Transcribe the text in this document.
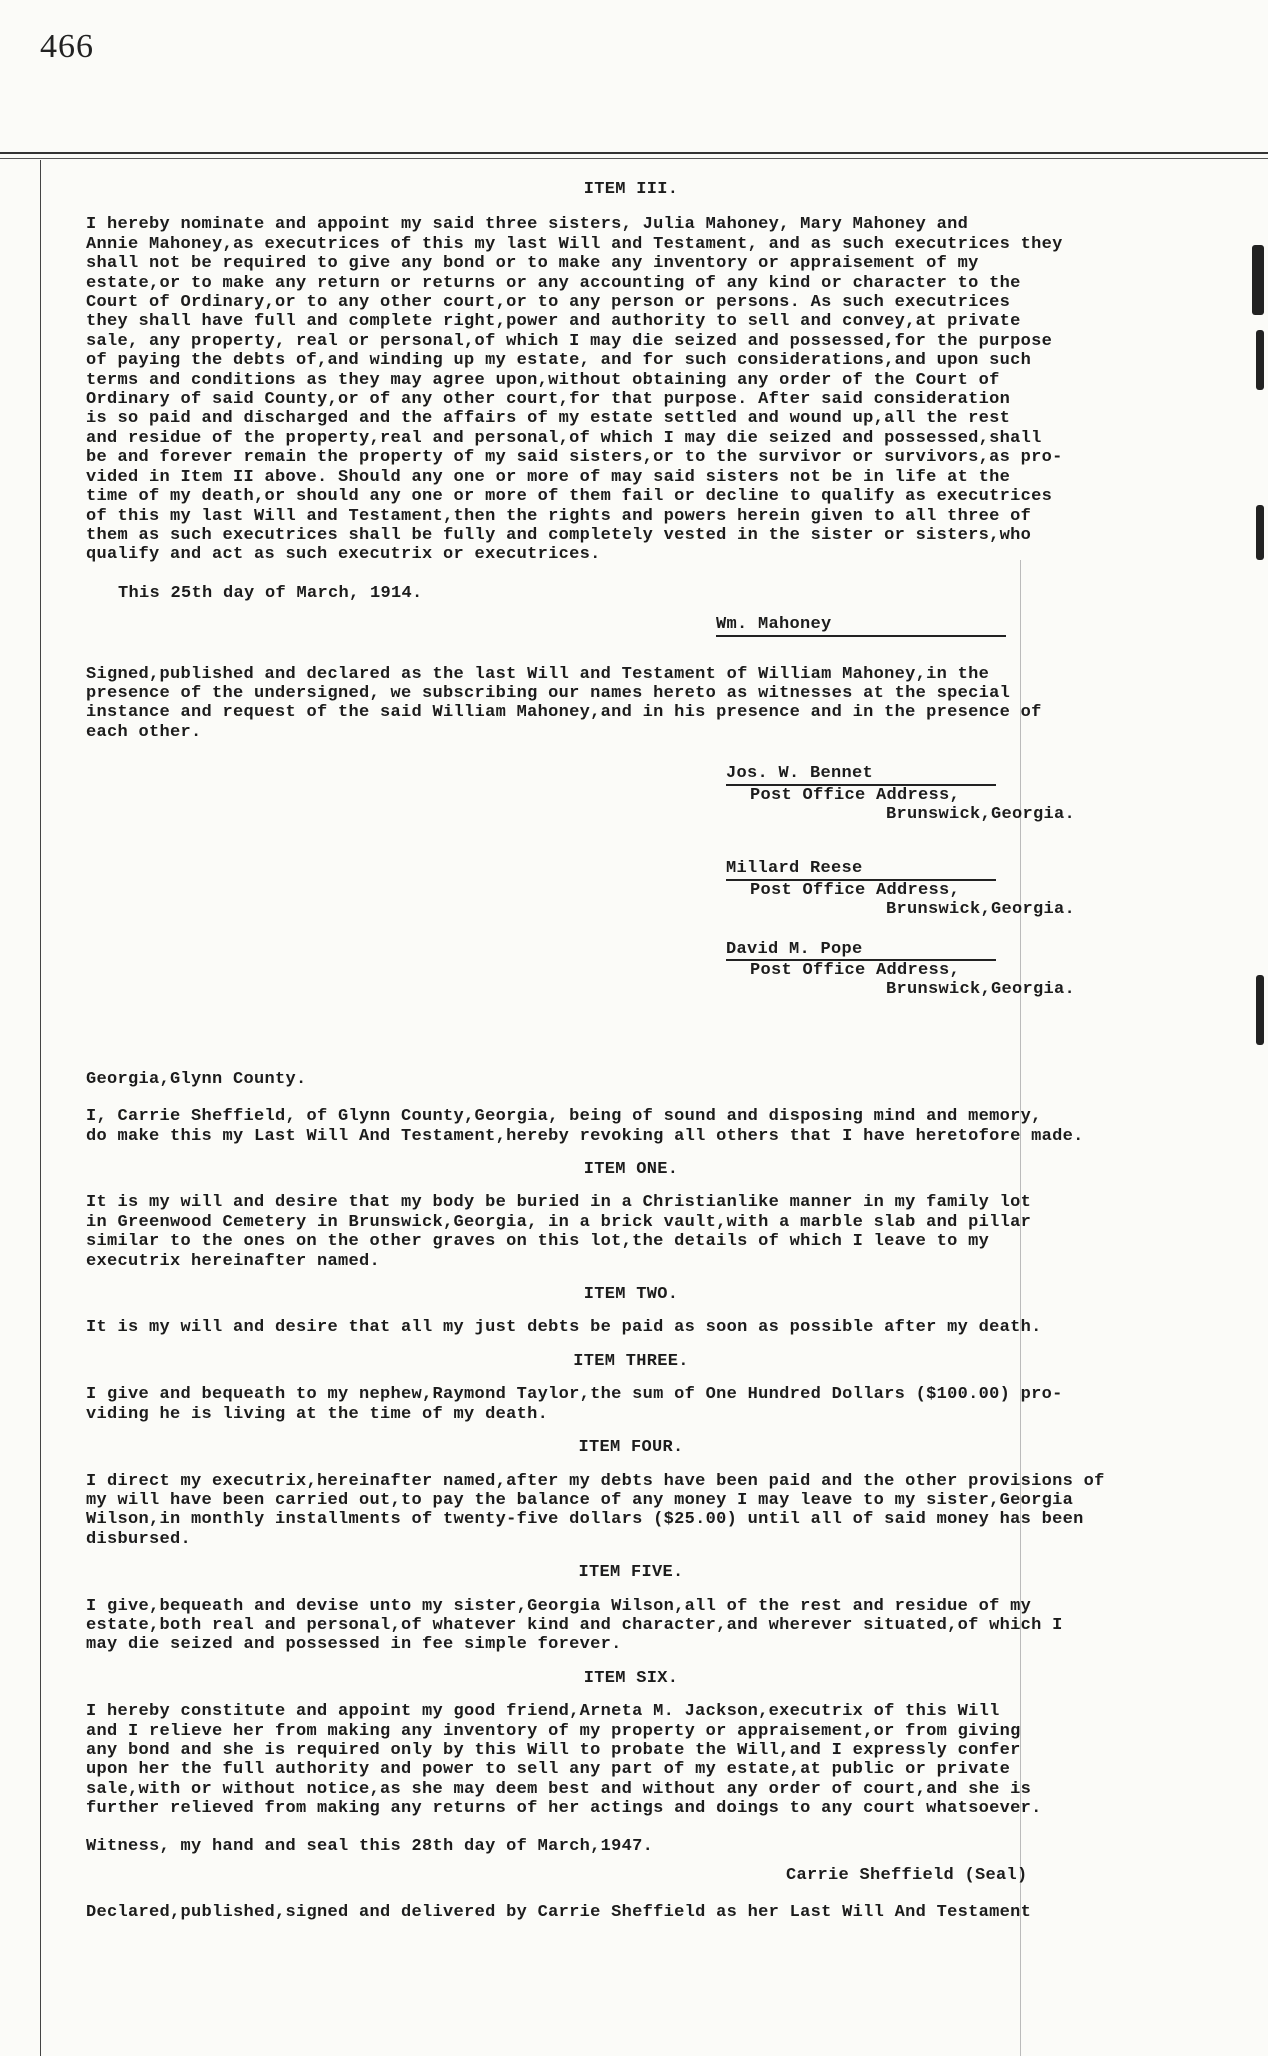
466

ITEM III.

I hereby nominate and appoint my said three sisters, Julia Mahoney, Mary Mahoney and
Annie Mahoney,as executrices of this my last Will and Testament, and as such executrices they
shall not be required to give any bond or to make any inventory or appraisement of my
estate,or to make any return or returns or any accounting of any kind or character to the
Court of Ordinary,or to any other court,or to any person or persons. As such executrices
they shall have full and complete right,power and authority to sell and convey,at private
sale, any property, real or personal,of which I may die seized and possessed,for the purpose
of paying the debts of,and winding up my estate, and for such considerations,and upon such
terms and conditions as they may agree upon,without obtaining any order of the Court of
Ordinary of said County,or of any other court,for that purpose. After said consideration
is so paid and discharged and the affairs of my estate settled and wound up,all the rest
and residue of the property,real and personal,of which I may die seized and possessed,shall
be and forever remain the property of my said sisters,or to the survivor or survivors,as pro-
vided in Item II above. Should any one or more of may said sisters not be in life at the
time of my death,or should any one or more of them fail or decline to qualify as executrices
of this my last Will and Testament,then the rights and powers herein given to all three of
them as such executrices shall be fully and completely vested in the sister or sisters,who
qualify and act as such executrix or executrices.

This 25th day of March, 1914.

Wm. Mahoney

Signed,published and declared as the last Will and Testament of William Mahoney,in the
presence of the undersigned, we subscribing our names hereto as witnesses at the special
instance and request of the said William Mahoney,and in his presence and in the presence of
each other.

Jos. W. Bennet
Post Office Address,
Brunswick,Georgia.
Millard Reese
Post Office Address,
Brunswick,Georgia.
David M. Pope
Post Office Address,
Brunswick,Georgia.

Georgia,Glynn County.

I, Carrie Sheffield, of Glynn County,Georgia, being of sound and disposing mind and memory,
do make this my Last Will And Testament,hereby revoking all others that I have heretofore made.

ITEM ONE.

It is my will and desire that my body be buried in a Christianlike manner in my family lot
in Greenwood Cemetery in Brunswick,Georgia, in a brick vault,with a marble slab and pillar
similar to the ones on the other graves on this lot,the details of which I leave to my
executrix hereinafter named.

ITEM TWO.

It is my will and desire that all my just debts be paid as soon as possible after my death.

ITEM THREE.

I give and bequeath to my nephew,Raymond Taylor,the sum of One Hundred Dollars ($100.00) pro-
viding he is living at the time of my death.

ITEM FOUR.

I direct my executrix,hereinafter named,after my debts have been paid and the other provisions of
my will have been carried out,to pay the balance of any money I may leave to my sister,Georgia
Wilson,in monthly installments of twenty-five dollars ($25.00) until all of said money has been
disbursed.

ITEM FIVE.

I give,bequeath and devise unto my sister,Georgia Wilson,all of the rest and residue of my
estate,both real and personal,of whatever kind and character,and wherever situated,of which I
may die seized and possessed in fee simple forever.

ITEM SIX.

I hereby constitute and appoint my good friend,Arneta M. Jackson,executrix of this Will
and I relieve her from making any inventory of my property or appraisement,or from giving
any bond and she is required only by this Will to probate the Will,and I expressly confer
upon her the full authority and power to sell any part of my estate,at public or private
sale,with or without notice,as she may deem best and without any order of court,and she is
further relieved from making any returns of her actings and doings to any court whatsoever.

Witness, my hand and seal this 28th day of March,1947.

Carrie Sheffield (Seal)

Declared,published,signed and delivered by Carrie Sheffield as her Last Will And Testament
